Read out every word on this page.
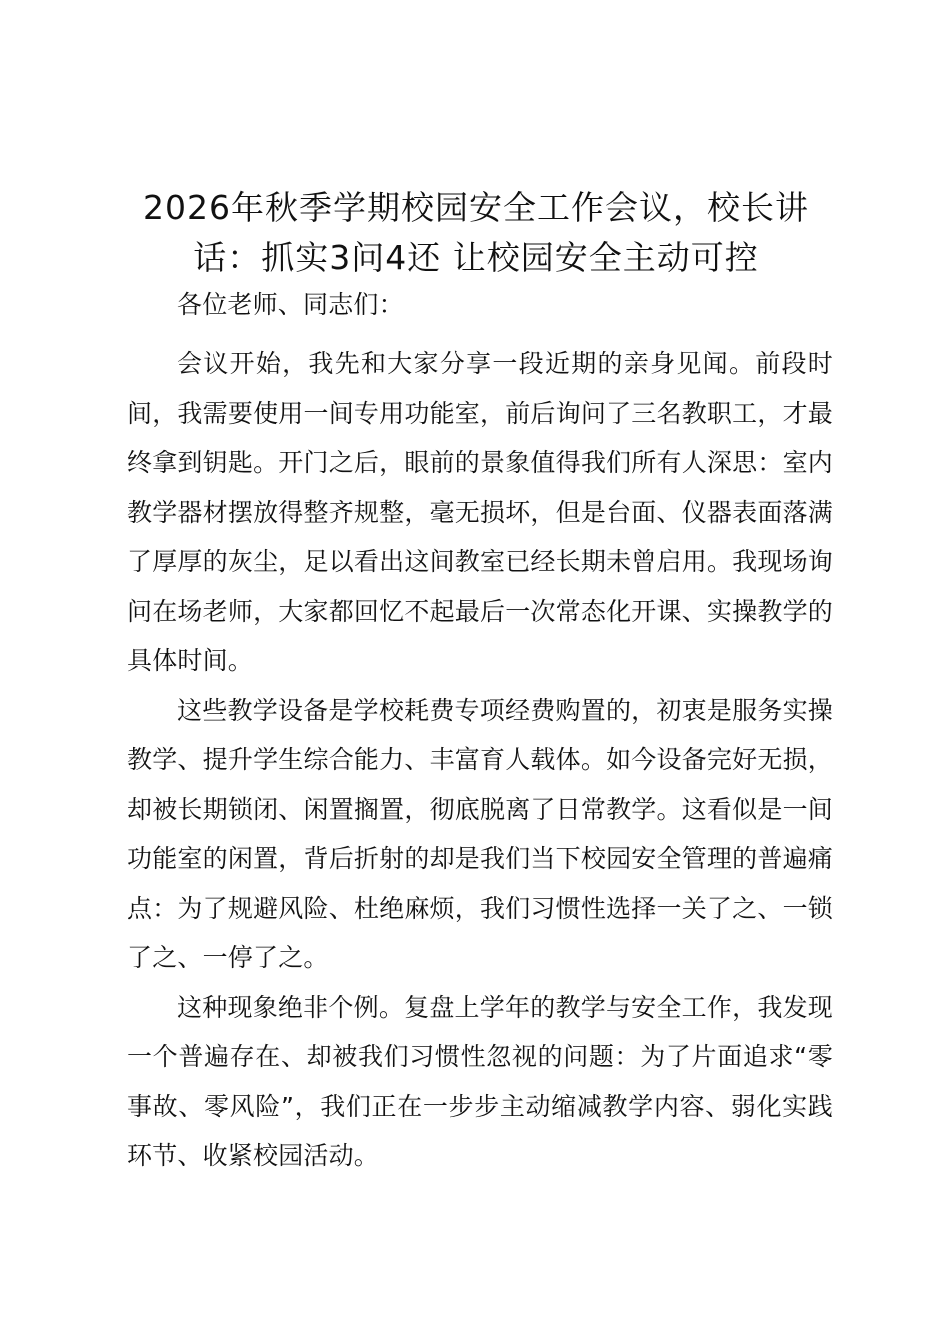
2026年秋季学期校园安全工作会议，校长讲话：抓实3问4还 让校园安全主动可控

各位老师、同志们：

会议开始，我先和大家分享一段近期的亲身见闻。前段时间，我需要使用一间专用功能室，前后询问了三名教职工，才最终拿到钥匙。开门之后，眼前的景象值得我们所有人深思：室内教学器材摆放得整齐规整，毫无损坏，但是台面、仪器表面落满了厚厚的灰尘，足以看出这间教室已经长期未曾启用。我现场询问在场老师，大家都回忆不起最后一次常态化开课、实操教学的具体时间。

这些教学设备是学校耗费专项经费购置的，初衷是服务实操教学、提升学生综合能力、丰富育人载体。如今设备完好无损，却被长期锁闭、闲置搁置，彻底脱离了日常教学。这看似是一间功能室的闲置，背后折射的却是我们当下校园安全管理的普遍痛点：为了规避风险、杜绝麻烦，我们习惯性选择一关了之、一锁了之、一停了之。

这种现象绝非个例。复盘上学年的教学与安全工作，我发现一个普遍存在、却被我们习惯性忽视的问题：为了片面追求“零事故、零风险”，我们正在一步步主动缩减教学内容、弱化实践环节、收紧校园活动。
